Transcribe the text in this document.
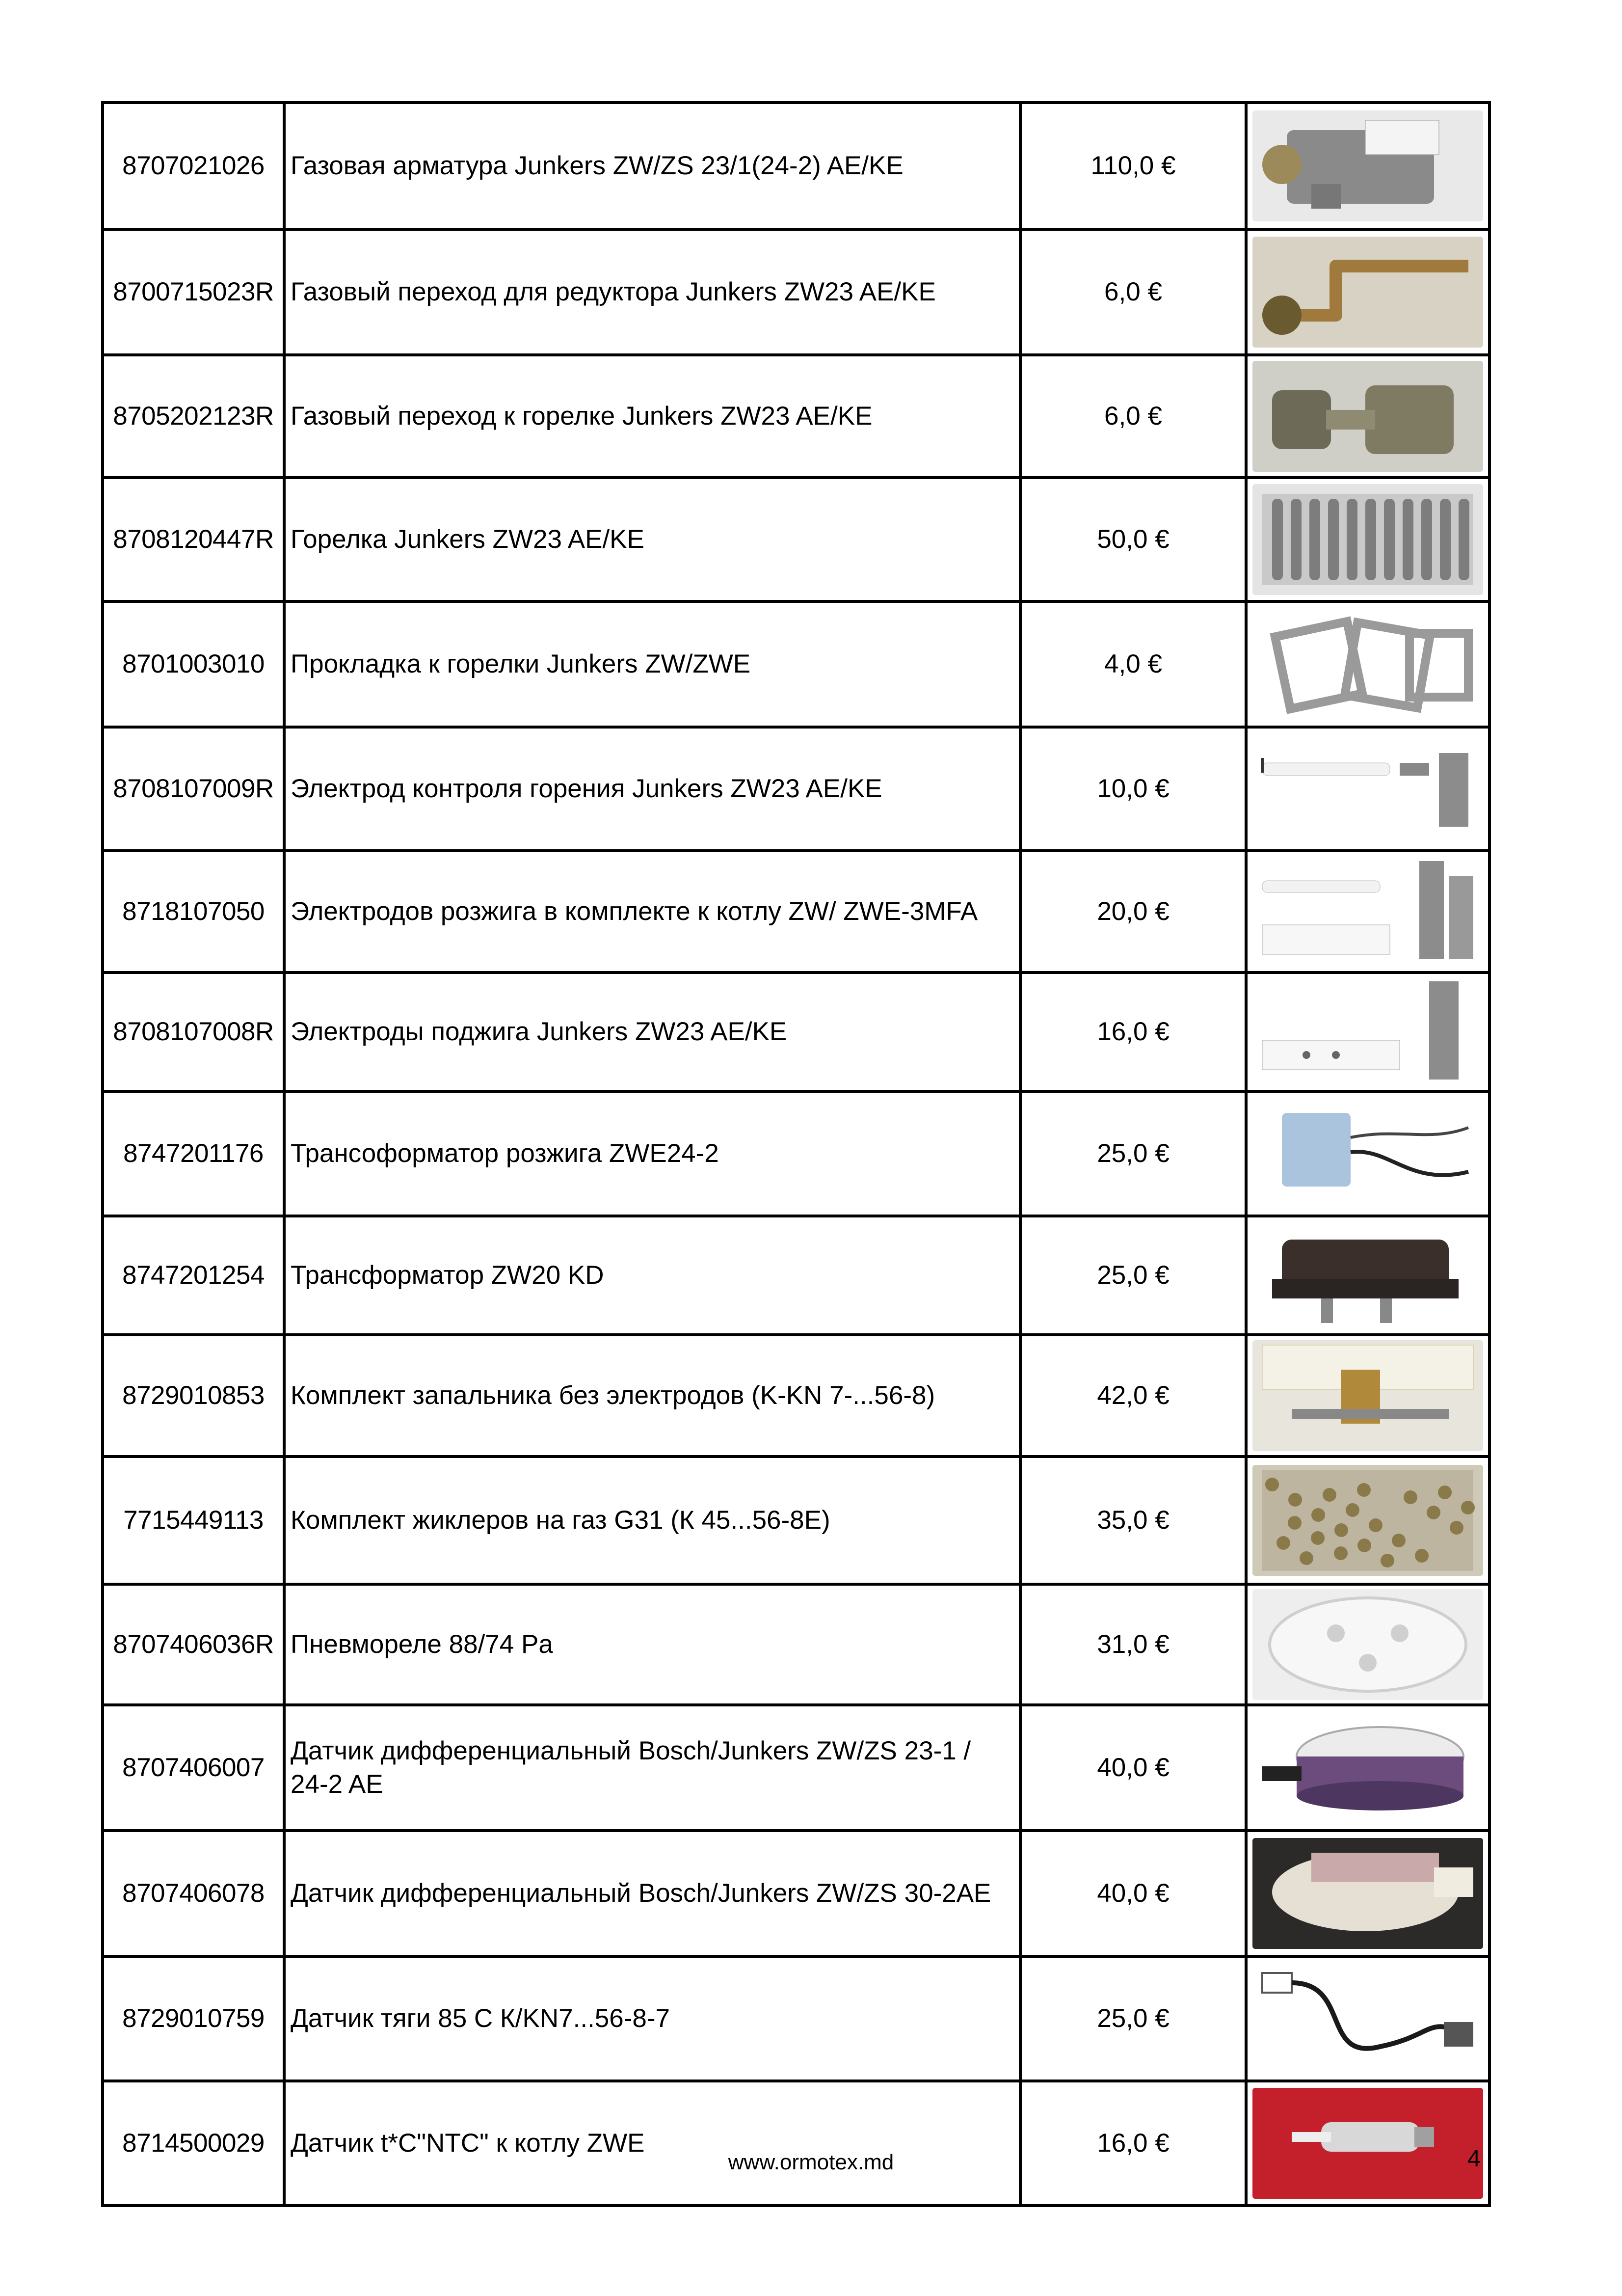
8707021026	Газовая арматура Junkers ZW/ZS 23/1(24-2) AE/KE	110,0 €	

8700715023R	Газовый переход для редуктора Junkers ZW23 AE/KE	6,0 €	

8705202123R	Газовый переход к горелке Junkers ZW23 AE/KE	6,0 €	

8708120447R	Горелка Junkers ZW23 AE/KE	50,0 €	

8701003010	Прокладка к горелки Junkers ZW/ZWE	4,0 €	

8708107009R	Электрод контроля горения Junkers ZW23 AE/KE	10,0 €	

8718107050	Электродов розжига в комплекте к котлу ZW/ ZWE-3MFA	20,0 €	

8708107008R	Электроды поджига Junkers ZW23 AE/KE	16,0 €	

8747201176	Трансоформатор розжига ZWE24-2	25,0 €	

8747201254	Трансформатор ZW20 KD	25,0 €	

8729010853	Комплект запальника без электродов (K-KN 7-...56-8)	42,0 €	

7715449113	Комплект жиклеров на газ G31 (К 45...56-8E)	35,0 €	

8707406036R	Пневмореле 88/74 Pa	31,0 €	

8707406007	Датчик дифференциальный Bosch/Junkers ZW/ZS 23-1 / 24-2 AE	40,0 €	

8707406078	Датчик дифференциальный Bosch/Junkers ZW/ZS 30-2AE	40,0 €	

8729010759	Датчик тяги 85 С К/KN7...56-8-7	25,0 €	

8714500029	Датчик t*C"NTC" к котлу ZWE	16,0 €	
www.ormotex.md	4
